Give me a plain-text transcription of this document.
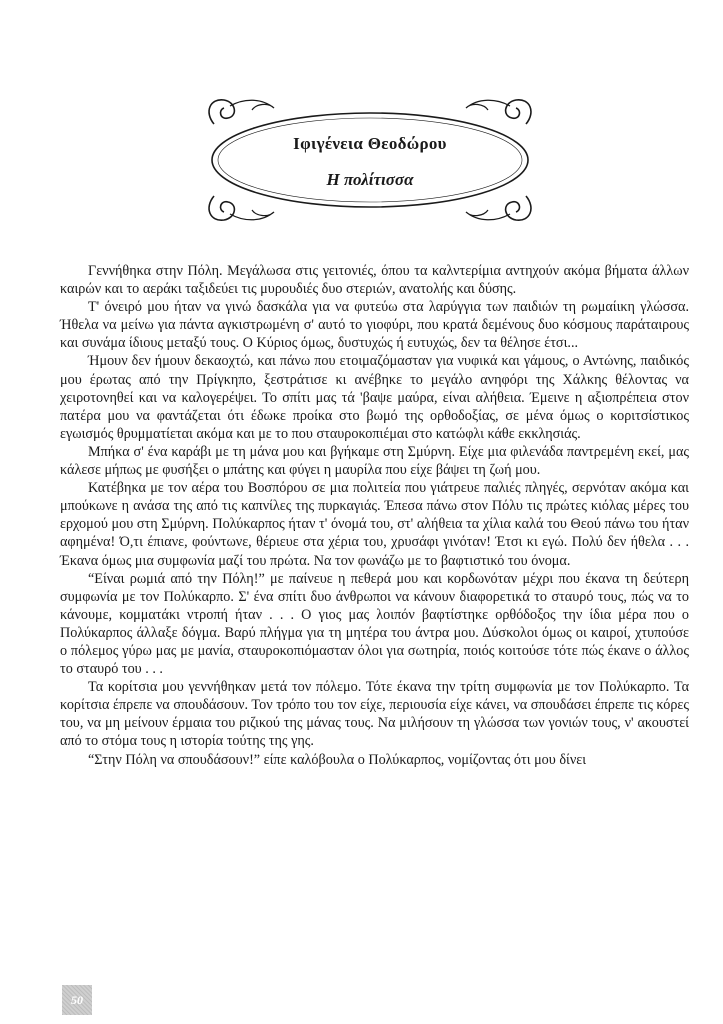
Ιφιγένεια Θεοδώρου
Η πολίτισσα

Γεννήθηκα στην Πόλη. Μεγάλωσα στις γειτονιές, όπου τα καλντερίμια αντηχούν ακόμα βήματα άλλων καιρών και το αεράκι ταξιδεύει τις μυρουδιές δυο στεριών, ανατολής και δύσης.

Τ' όνειρό μου ήταν να γινώ δασκάλα για να φυτεύω στα λαρύγγια των παιδιών τη ρωμαίικη γλώσσα. Ήθελα να μείνω για πάντα αγκιστρωμένη σ' αυτό το γιοφύρι, που κρατά δεμένους δυο κόσμους παράταιρους και συνάμα ίδιους μεταξύ τους. Ο Κύριος όμως, δυστυχώς ή ευτυχώς, δεν τα θέλησε έτσι...

Ήμουν δεν ήμουν δεκαοχτώ, και πάνω που ετοιμαζόμασταν για νυφικά και γάμους, ο Αντώνης, παιδικός μου έρωτας από την Πρίγκηπο, ξεστράτισε κι ανέβηκε το μεγάλο ανηφόρι της Χάλκης θέλοντας να χειροτονηθεί και να καλογερέψει. Το σπίτι μας τά 'βαψε μαύρα, είναι αλήθεια. Έμεινε η αξιοπρέπεια στον πατέρα μου να φαντάζεται ότι έδωκε προίκα στο βωμό της ορθοδοξίας, σε μένα όμως ο κοριτσίστικος εγωισμός θρυμματίεται ακόμα και με το που σταυροκοπιέμαι στο κατώφλι κάθε εκκλησιάς.

Μπήκα σ' ένα καράβι με τη μάνα μου και βγήκαμε στη Σμύρνη. Είχε μια φιλενάδα παντρεμένη εκεί, μας κάλεσε μήπως με φυσήξει ο μπάτης και φύγει η μαυρίλα που είχε βάψει τη ζωή μου.

Κατέβηκα με τον αέρα του Βοσπόρου σε μια πολιτεία που γιάτρευε παλιές πληγές, σερνόταν ακόμα και μπούκωνε η ανάσα της από τις καπνίλες της πυρκαγιάς. Έπεσα πάνω στον Πόλυ τις πρώτες κιόλας μέρες του ερχομού μου στη Σμύρνη. Πολύκαρπος ήταν τ' όνομά του, στ' αλήθεια τα χίλια καλά του Θεού πάνω του ήταν αφημένα! Ό,τι έπιανε, φούντωνε, θέριευε στα χέρια του, χρυσάφι γινόταν! Έτσι κι εγώ. Πολύ δεν ήθελα . . . Έκανα όμως μια συμφωνία μαζί του πρώτα. Να τον φωνάζω με το βαφτιστικό του όνομα.

“Είναι ρωμιά από την Πόλη!” με παίνευε η πεθερά μου και κορδωνόταν μέχρι που έκανα τη δεύτερη συμφωνία με τον Πολύκαρπο. Σ' ένα σπίτι δυο άνθρωποι να κάνουν διαφορετικά το σταυρό τους, πώς να το κάνουμε, κομματάκι ντροπή ήταν . . . Ο γιος μας λοιπόν βαφτίστηκε ορθόδοξος την ίδια μέρα που ο Πολύκαρπος άλλαξε δόγμα. Βαρύ πλήγμα για τη μητέρα του άντρα μου. Δύσκολοι όμως οι καιροί, χτυπούσε ο πόλεμος γύρω μας με μανία, σταυροκοπιόμασταν όλοι για σωτηρία, ποιός κοιτούσε τότε πώς έκανε ο άλλος το σταυρό του . . .

Τα κορίτσια μου γεννήθηκαν μετά τον πόλεμο. Τότε έκανα την τρίτη συμφωνία με τον Πολύκαρπο. Τα κορίτσια έπρεπε να σπουδάσουν. Τον τρόπο του τον είχε, περιουσία είχε κάνει, να σπουδάσει έπρεπε τις κόρες του, να μη μείνουν έρμαια του ριζικού της μάνας τους. Να μιλήσουν τη γλώσσα των γονιών τους, ν' ακουστεί από το στόμα τους η ιστορία τούτης της γης.

“Στην Πόλη να σπουδάσουν!” είπε καλόβουλα ο Πολύκαρπος, νομίζοντας ότι μου δίνει

50
